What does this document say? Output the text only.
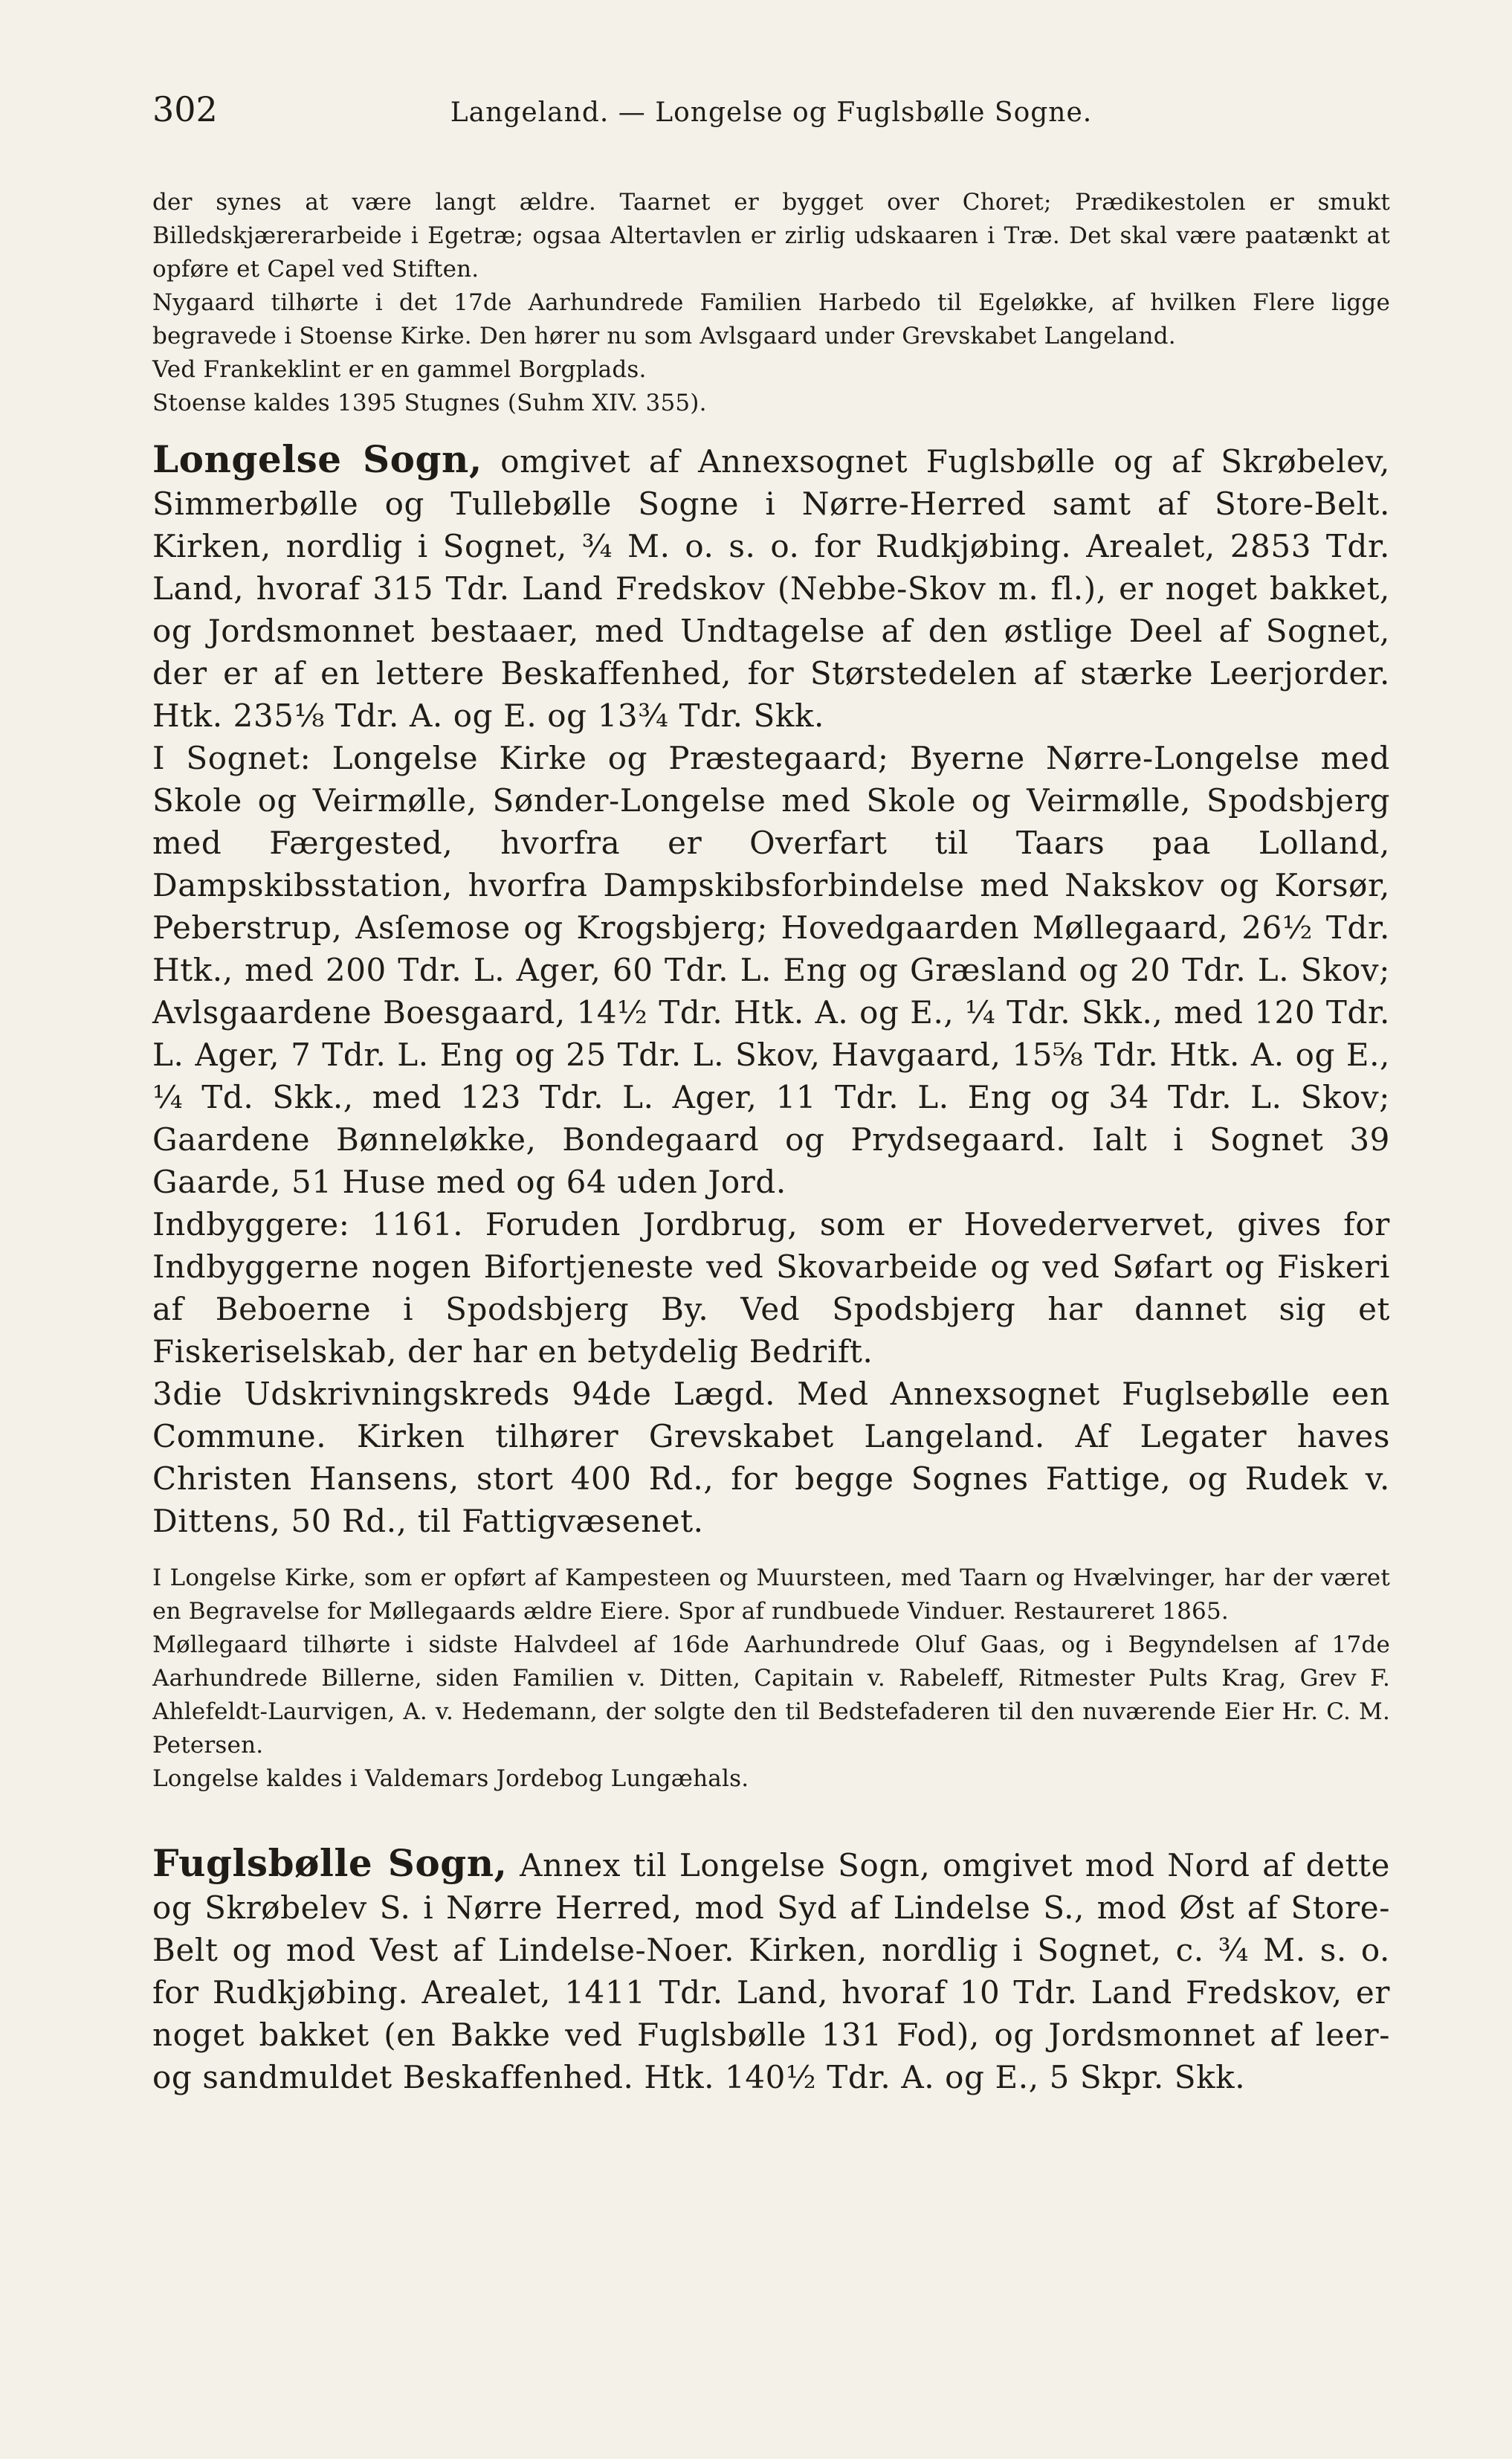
302	Langeland. — Longelse og Fuglsbølle Sogne.

der synes at være langt ældre. Taarnet er bygget over Choret; Prædikestolen er smukt Billedskjærerarbeide i Egetræ; ogsaa Altertavlen er zirlig udskaaren i Træ. Det skal være paatænkt at opføre et Capel ved Stiften.

Nygaard tilhørte i det 17de Aarhundrede Familien Harbedo til Egeløkke, af hvilken Flere ligge begravede i Stoense Kirke. Den hører nu som Avlsgaard under Grevskabet Langeland.

Ved Frankeklint er en gammel Borgplads.

Stoense kaldes 1395 Stugnes (Suhm XIV. 355).

Longelse Sogn, omgivet af Annexsognet Fuglsbølle og af Skrøbelev, Simmerbølle og Tullebølle Sogne i Nørre-Herred samt af Store-Belt. Kirken, nordlig i Sognet, ¾ M. o. s. o. for Rudkjøbing. Arealet, 2853 Tdr. Land, hvoraf 315 Tdr. Land Fredskov (Nebbe-Skov m. fl.), er noget bakket, og Jordsmonnet bestaaer, med Undtagelse af den østlige Deel af Sognet, der er af en lettere Beskaffenhed, for Størstedelen af stærke Leerjorder. Htk. 235⅛ Tdr. A. og E. og 13¾ Tdr. Skk.

I Sognet: Longelse Kirke og Præstegaard; Byerne Nørre-Longelse med Skole og Veirmølle, Sønder-Longelse med Skole og Veirmølle, Spodsbjerg med Færgested, hvorfra er Overfart til Taars paa Lolland, Dampskibsstation, hvorfra Dampskibsforbindelse med Nakskov og Korsør, Peberstrup, Asſemose og Krogsbjerg; Hovedgaarden Møllegaard, 26½ Tdr. Htk., med 200 Tdr. L. Ager, 60 Tdr. L. Eng og Græsland og 20 Tdr. L. Skov; Avlsgaardene Boesgaard, 14½ Tdr. Htk. A. og E., ¼ Tdr. Skk., med 120 Tdr. L. Ager, 7 Tdr. L. Eng og 25 Tdr. L. Skov, Havgaard, 15⅝ Tdr. Htk. A. og E., ¼ Td. Skk., med 123 Tdr. L. Ager, 11 Tdr. L. Eng og 34 Tdr. L. Skov; Gaardene Bønneløkke, Bondegaard og Prydsegaard. Ialt i Sognet 39 Gaarde, 51 Huse med og 64 uden Jord.

Indbyggere: 1161. Foruden Jordbrug, som er Hovedervervet, gives for Indbyggerne nogen Bifortjeneste ved Skovarbeide og ved Søfart og Fiskeri af Beboerne i Spodsbjerg By. Ved Spodsbjerg har dannet sig et Fiskeriselskab, der har en betydelig Bedrift.

3die Udskrivningskreds 94de Lægd. Med Annexsognet Fuglsebølle een Commune. Kirken tilhører Grevskabet Langeland. Af Legater haves Christen Hansens, stort 400 Rd., for begge Sognes Fattige, og Rudek v. Dittens, 50 Rd., til Fattigvæsenet.

I Longelse Kirke, som er opført af Kampesteen og Muursteen, med Taarn og Hvælvinger, har der været en Begravelse for Møllegaards ældre Eiere. Spor af rundbuede Vinduer. Restaureret 1865.

Møllegaard tilhørte i sidste Halvdeel af 16de Aarhundrede Oluf Gaas, og i Begyndelsen af 17de Aarhundrede Billerne, siden Familien v. Ditten, Capitain v. Rabeleff, Ritmester Pults Krag, Grev F. Ahlefeldt-Laurvigen, A. v. Hedemann, der solgte den til Bedstefaderen til den nuværende Eier Hr. C. M. Petersen.

Longelse kaldes i Valdemars Jordebog Lungæhals.

Fuglsbølle Sogn, Annex til Longelse Sogn, omgivet mod Nord af dette og Skrøbelev S. i Nørre Herred, mod Syd af Lindelse S., mod Øst af Store-Belt og mod Vest af Lindelse-Noer. Kirken, nordlig i Sognet, c. ¾ M. s. o. for Rudkjøbing. Arealet, 1411 Tdr. Land, hvoraf 10 Tdr. Land Fredskov, er noget bakket (en Bakke ved Fuglsbølle 131 Fod), og Jordsmonnet af leer- og sandmuldet Beskaffenhed. Htk. 140½ Tdr. A. og E., 5 Skpr. Skk.
